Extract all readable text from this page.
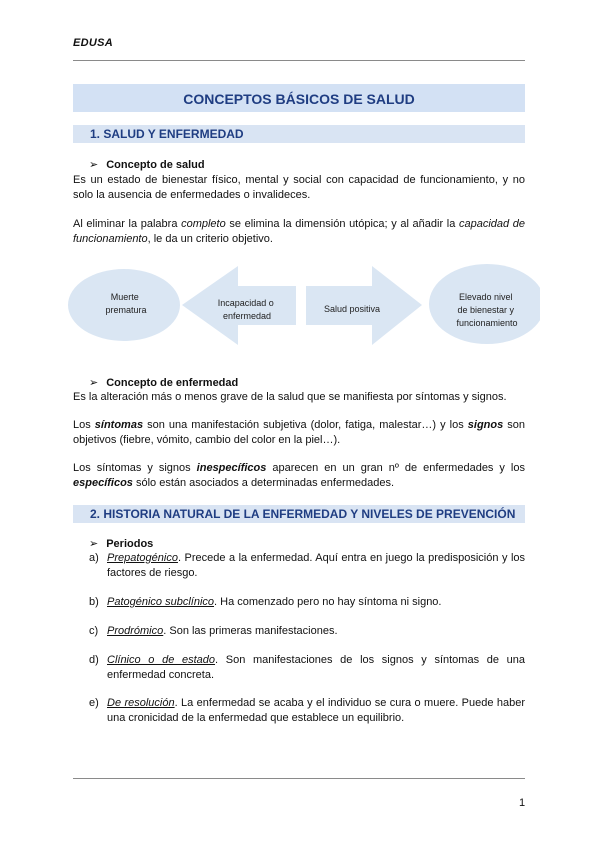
EDUSA
CONCEPTOS BÁSICOS DE SALUD
1. SALUD Y ENFERMEDAD
➢ Concepto de salud
Es un estado de bienestar físico, mental y social con capacidad de funcionamiento, y no solo la ausencia de enfermedades o invalideces.
Al eliminar la palabra completo se elimina la dimensión utópica; y al añadir la capacidad de funcionamiento, le da un criterio objetivo.
Muerte prematura
Incapacidad o enfermedad
Salud positiva
Elevado nivel de bienestar y funcionamiento
➢ Concepto de enfermedad
Es la alteración más o menos grave de la salud que se manifiesta por síntomas y signos.
Los síntomas son una manifestación subjetiva (dolor, fatiga, malestar…) y los signos son objetivos (fiebre, vómito, cambio del color en la piel…).
Los síntomas y signos inespecíficos aparecen en un gran nº de enfermedades y los específicos sólo están asociados a determinadas enfermedades.
2. HISTORIA NATURAL DE LA ENFERMEDAD Y NIVELES DE PREVENCIÓN
➢ Periodos
a) Prepatogénico. Precede a la enfermedad. Aquí entra en juego la predisposición y los factores de riesgo.
b) Patogénico subclínico. Ha comenzado pero no hay síntoma ni signo.
c) Prodrómico. Son las primeras manifestaciones.
d) Clínico o de estado. Son manifestaciones de los signos y síntomas de una enfermedad concreta.
e) De resolución. La enfermedad se acaba y el individuo se cura o muere. Puede haber una cronicidad de la enfermedad que establece un equilibrio.
1
